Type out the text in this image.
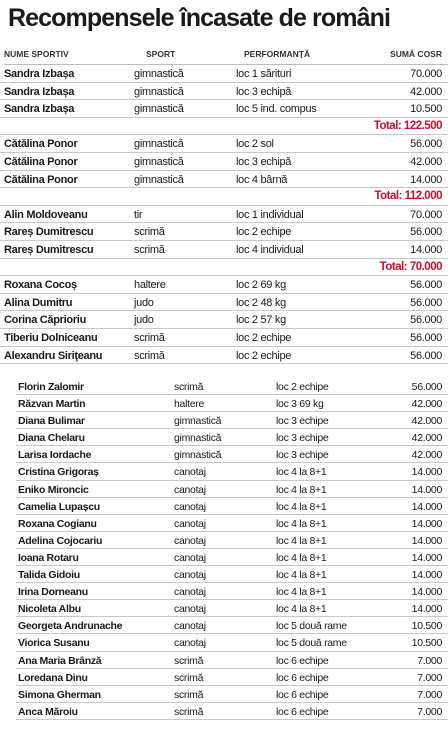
Recompensele încasate de români
NUME SPORTIV	SPORT	PERFORMANȚĂ	SUMĂ COSR
Sandra Izbașa	gimnastică	loc 1 sărituri	70.000
Sandra Izbașa	gimnastică	loc 3 echipă	42.000
Sandra Izbașa	gimnastică	loc 5 ind. compus	10.500
Total: 122.500
Cătălina Ponor	gimnastică	loc 2 sol	56.000
Cătălina Ponor	gimnastică	loc 3 echipă	42.000
Cătălina Ponor	gimnastică	loc 4 bârnă	14.000
Total: 112.000
Alin Moldoveanu	tir	loc 1 individual	70.000
Rareș Dumitrescu	scrimă	loc 2 echipe	56.000
Rareș Dumitrescu	scrimă	loc 4 individual	14.000
Total: 70.000
Roxana Cocoș	haltere	loc 2 69 kg	56.000
Alina Dumitru	judo	loc 2 48 kg	56.000
Corina Căprioriu	judo	loc 2 57 kg	56.000
Tiberiu Dolniceanu	scrimă	loc 2 echipe	56.000
Alexandru Siriţeanu	scrimă	loc 2 echipe	56.000
Florin Zalomir	scrimă	loc 2 echipe	56.000
Răzvan Martin	haltere	loc 3 69 kg	42.000
Diana Bulimar	gimnastică	loc 3 echipe	42.000
Diana Chelaru	gimnastică	loc 3 echipe	42.000
Larisa Iordache	gimnastică	loc 3 echipe	42.000
Cristina Grigoraș	canotaj	loc 4 la 8+1	14.000
Eniko Mironcic	canotaj	loc 4 la 8+1	14.000
Camelia Lupașcu	canotaj	loc 4 la 8+1	14.000
Roxana Cogianu	canotaj	loc 4 la 8+1	14.000
Adelina Cojocariu	canotaj	loc 4 la 8+1	14.000
Ioana Rotaru	canotaj	loc 4 la 8+1	14.000
Talida Gidoiu	canotaj	loc 4 la 8+1	14.000
Irina Dorneanu	canotaj	loc 4 la 8+1	14.000
Nicoleta Albu	canotaj	loc 4 la 8+1	14.000
Georgeta Andrunache	canotaj	loc 5 două rame	10.500
Viorica Susanu	canotaj	loc 5 două rame	10.500
Ana Maria Brânză	scrimă	loc 6 echipe	7.000
Loredana Dinu	scrimă	loc 6 echipe	7.000
Simona Gherman	scrimă	loc 6 echipe	7.000
Anca Măroiu	scrimă	loc 6 echipe	7.000
